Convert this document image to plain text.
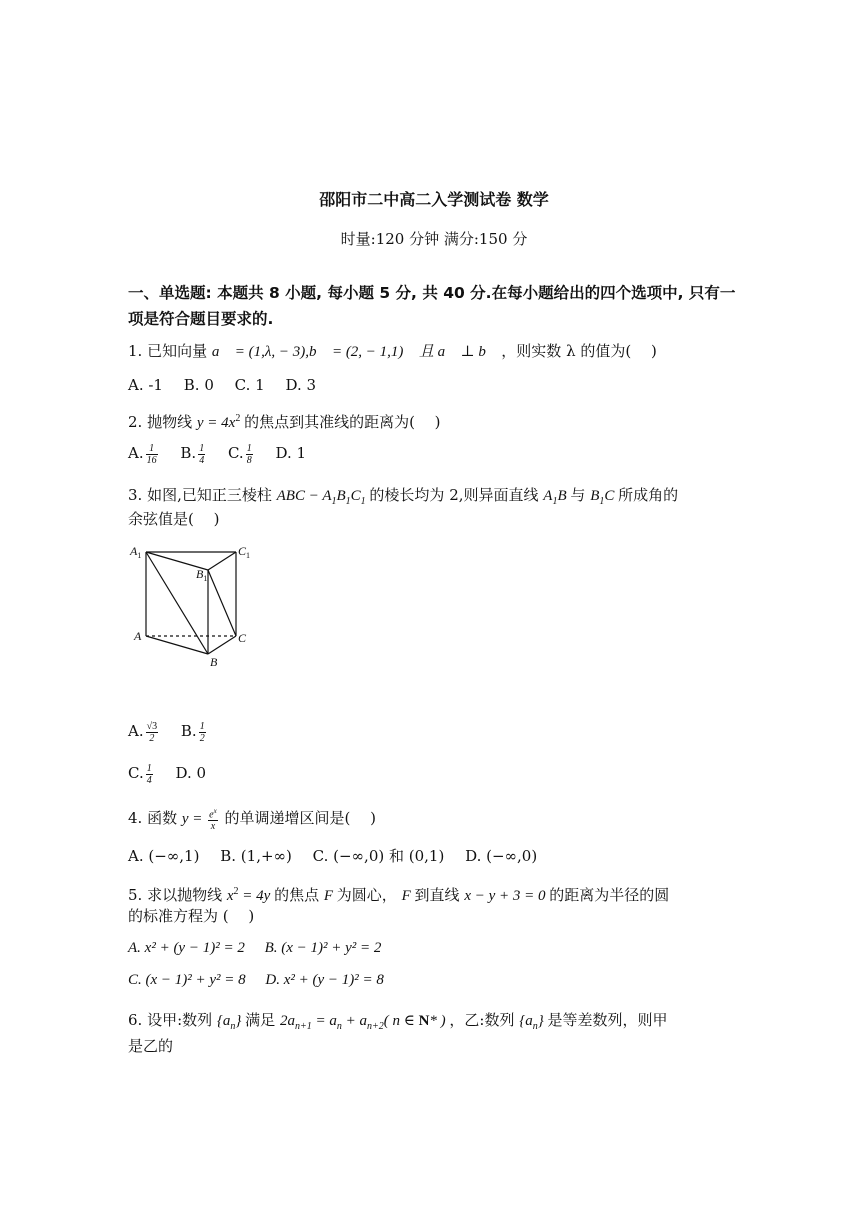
邵阳市二中高二入学测试卷 数学
时量:120 分钟 满分:150 分
一、单选题: 本题共 8 小题, 每小题 5 分, 共 40 分.在每小题给出的四个选项中, 只有一项是符合题目要求的.
1. 已知向量 a⃗ = (1,λ, − 3),b⃗ = (2, − 1,1) ，且 a⃗ ⊥ b⃗ ，则实数 λ 的值为(　 )
A. -1 B. 0 C. 1 D. 3
2. 抛物线 $y = 4x^2$ 的焦点到其准线的距离为(　 )
A. $\frac{1}{16} B$. $\frac{1}{4} C$. $\frac{1}{8} D$. 1
3. 如图,已知正三棱柱 ABC − $A_1B_1C_1$ 的棱长均为 2,则异面直线 $A_1B$ 与 $B_1C$ 所成角的
余弦值是(　 )
$A_1$	$C_1$
$B_1$
A	C
B
A. $\frac{√3}{2} B$. $\frac{1}{2}$
C. $\frac{1}{4} D$. 0
4. 函数 $y = \frac{e^x}{x}$ 的单调递增区间是(　 )
A. (−∞,1) B. (1,+∞) C. (−∞,0) 和 (0,1) D. (−∞,0)
5. 求以抛物线 $x^2 = 4y$ 的焦点 F 为圆心， F 到直线 x − y + 3 = 0 的距离为半径的圆
的标准方程为 (　 )
A. x² + (y − 1)² = 2 B. (x − 1)² + y² = 2
C. (x − 1)² + y² = 8 D. x² + (y − 1)² = 8
6. 设甲:数列 $\{a_n\}$ 满足 $2a_{n+1} = a_n + a_{n+2}$( n ∈ N* ) ，乙:数列 $\{a_n\}$ 是等差数列，则甲
是乙的
